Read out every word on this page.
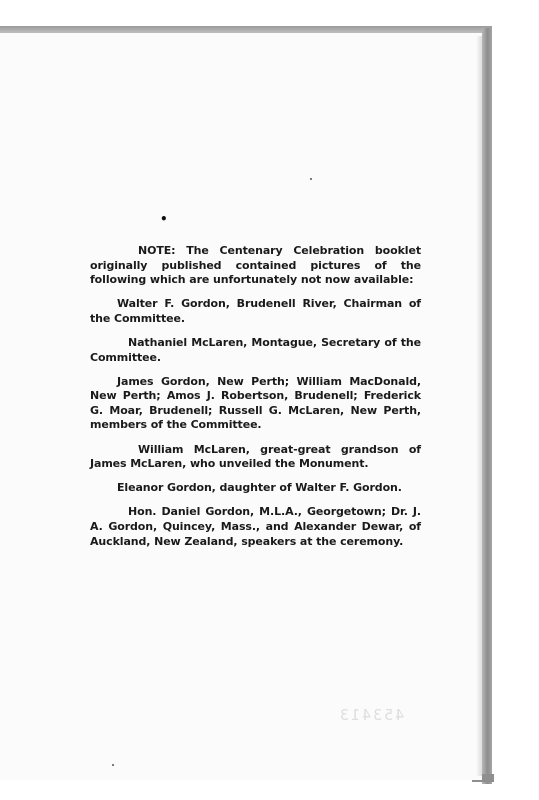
•

NOTE: The Centenary Celebration booklet originally published contained pictures of the following which are unfortunately not now available:

Walter F. Gordon, Brudenell River, Chairman of the Committee.

Nathaniel McLaren, Montague, Secretary of the Committee.

James Gordon, New Perth; William MacDonald, New Perth; Amos J. Robertson, Brudenell; Frederick G. Moar, Brudenell; Russell G. McLaren, New Perth, members of the Committee.

William McLaren, great-great grandson of James McLaren, who unveiled the Monument.

Eleanor Gordon, daughter of Walter F. Gordon.

Hon. Daniel Gordon, M.L.A., Georgetown; Dr. J. A. Gordon, Quincey, Mass., and Alexander Dewar, of Auckland, New Zealand, speakers at the ceremony.

453413
